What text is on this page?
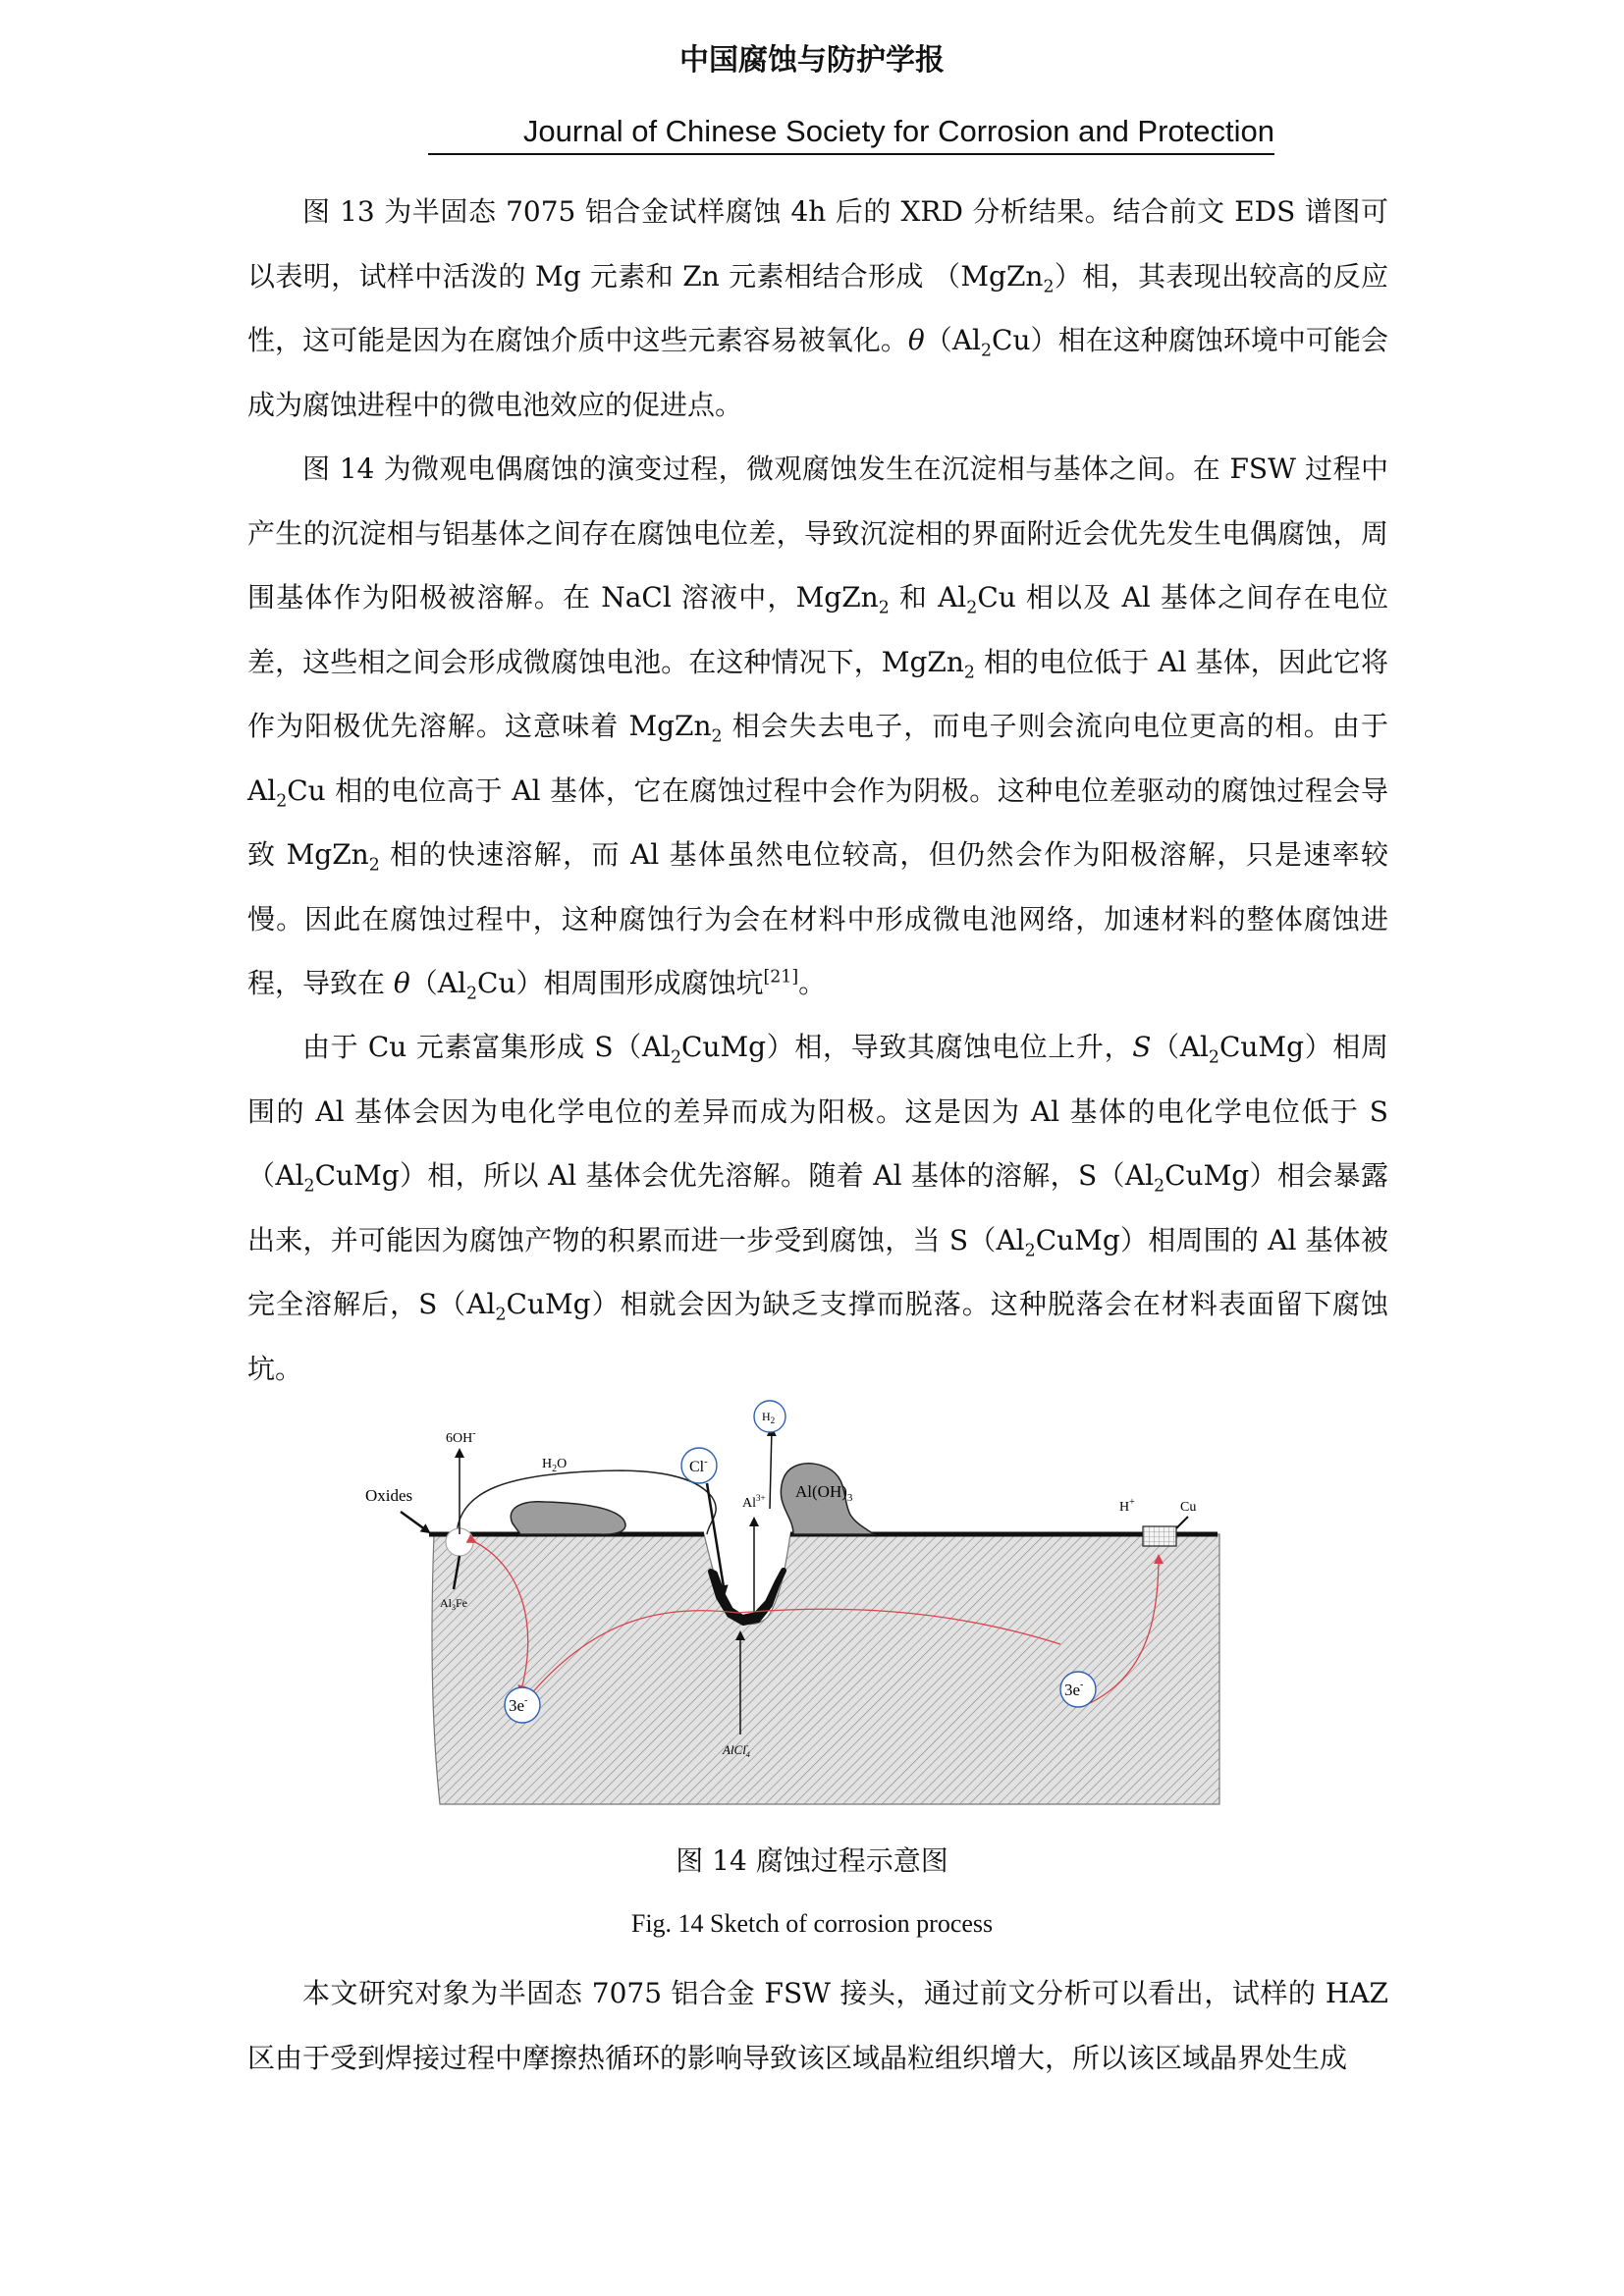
中国腐蚀与防护学报
Journal of Chinese Society for Corrosion and Protection

图 13 为半固态 7075 铝合金试样腐蚀 4h 后的 XRD 分析结果。结合前文 EDS 谱图可以表明，试样中活泼的 Mg 元素和 Zn 元素相结合形成 （MgZn$_2$）相，其表现出较高的反应性，这可能是因为在腐蚀介质中这些元素容易被氧化。$\theta(Al_2Cu)$相在这种腐蚀环境中可能会成为腐蚀进程中的微电池效应的促进点。

图 14 为微观电偶腐蚀的演变过程，微观腐蚀发生在沉淀相与基体之间。在 FSW 过程中产生的沉淀相与铝基体之间存在腐蚀电位差，导致沉淀相的界面附近会优先发生电偶腐蚀，周围基体作为阳极被溶解。在 NaCl 溶液中，MgZn$_2$ 和 $Al_2Cu$ 相以及 Al 基体之间存在电位差，这些相之间会形成微腐蚀电池。在这种情况下，MgZn$_2$ 相的电位低于 Al 基体，因此它将作为阳极优先溶解。这意味着 MgZn$_2$ 相会失去电子，而电子则会流向电位更高的相。由于 $Al_2Cu$ 相的电位高于 Al 基体，它在腐蚀过程中会作为阴极。这种电位差驱动的腐蚀过程会导致 MgZn$_2$ 相的快速溶解，而 Al 基体虽然电位较高，但仍然会作为阳极溶解，只是速率较慢。因此在腐蚀过程中，这种腐蚀行为会在材料中形成微电池网络，加速材料的整体腐蚀进程，导致在 $\theta(Al_2Cu)$相周围形成腐蚀坑[21]。

由于 Cu 元素富集形成 $S(Al_2CuMg)$相，导致其腐蚀电位上升，$S(Al_2CuMg)$相周围的 Al 基体会因为电化学电位的差异而成为阳极。这是因为 Al 基体的电化学电位低于 $S(Al_2CuMg)$相，所以 Al 基体会优先溶解。随着 Al 基体的溶解，$S(Al_2CuMg)$相会暴露出来，并可能因为腐蚀产物的积累而进一步受到腐蚀，当 $S(Al_2CuMg)$相周围的 Al 基体被完全溶解后，$S(Al_2CuMg)$相就会因为缺乏支撑而脱落。这种脱落会在材料表面留下腐蚀坑。

6OH-
$H_2O$
Oxides
Cl-
$H_2$
$Al^{3+}$ $Al(OH)_3$
H+	Cu
$Al_3Fe$
3e-
3e-
AlCl$_4$-
图 14 腐蚀过程示意图
Fig. 14 Sketch of corrosion process

本文研究对象为半固态 7075 铝合金 FSW 接头，通过前文分析可以看出，试样的 HAZ 区由于受到焊接过程中摩擦热循环的影响导致该区域晶粒组织增大，所以该区域晶界处生成
